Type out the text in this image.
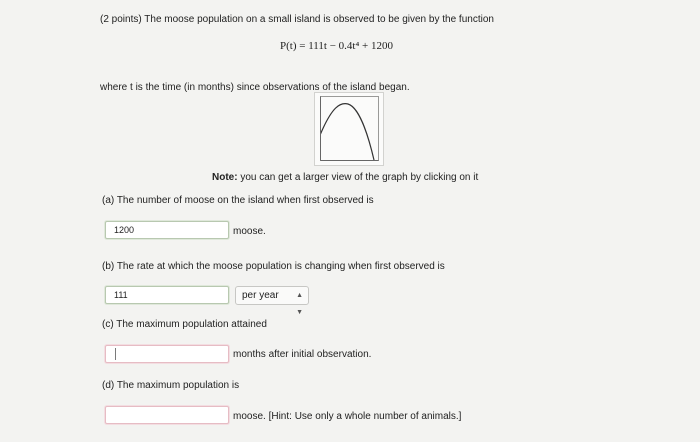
(2 points) The moose population on a small island is observed to be given by the function
P(t) = 111t − 0.4t⁴ + 1200
where t is the time (in months) since observations of the island began.
Note: you can get a larger view of the graph by clicking on it
(a) The number of moose on the island when first observed is
1200	moose.
(b) The rate at which the moose population is changing when first observed is
111	per year ▲
▼
(c) The maximum population attained
months after initial observation.
(d) The maximum population is
moose. [Hint: Use only a whole number of animals.]
